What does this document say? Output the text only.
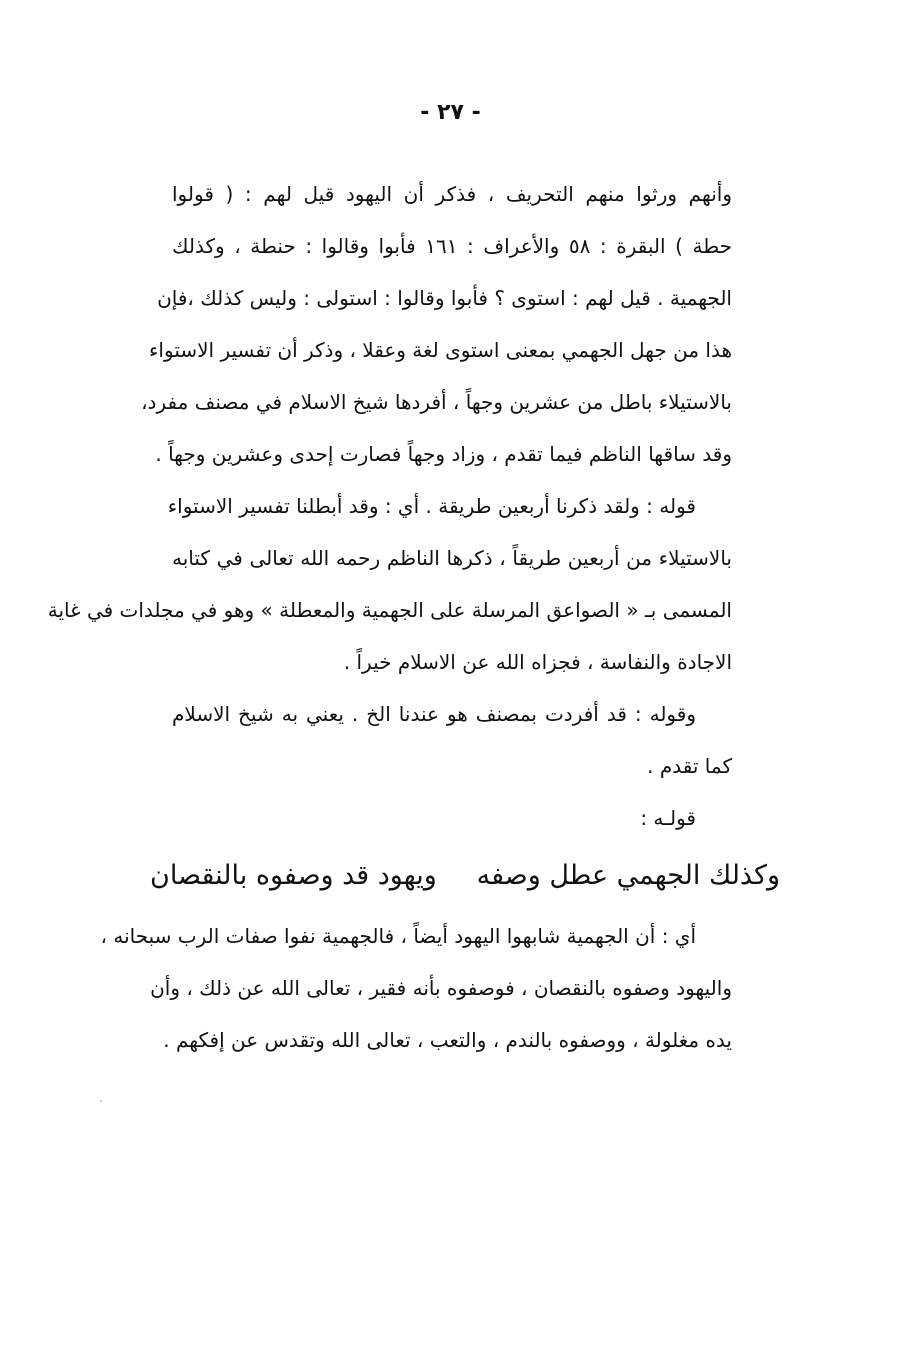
- ٢٧ -
وأنهم ورثوا منهم التحريف ، فذكر أن اليهود قيل لهم : ( قولوا
حطة ) البقرة : ٥٨ والأعراف : ١٦١ فأبوا وقالوا : حنطة ، وكذلك
الجهمية . قيل لهم : استوى ؟ فأبوا وقالوا : استولى : وليس كذلك ،فإن
هذا من جهل الجهمي بمعنى استوى لغة وعقلا ، وذكر أن تفسير الاستواء
بالاستيلاء باطل من عشرين وجهاً ، أفردها شيخ الاسلام في مصنف مفرد،
وقد ساقها الناظم فيما تقدم ، وزاد وجهاً فصارت إحدى وعشرين وجهاً .
قوله : ولقد ذكرنا أربعين طريقة . أي : وقد أبطلنا تفسير الاستواء
بالاستيلاء من أربعين طريقاً ، ذكرها الناظم رحمه الله تعالى في كتابه
المسمى بـ « الصواعق المرسلة على الجهمية والمعطلة » وهو في مجلدات في غاية
الاجادة والنفاسة ، فجزاه الله عن الاسلام خيراً .
وقوله : قد أفردت بمصنف هو عندنا الخ . يعني به شيخ الاسلام
كما تقدم .
قولـه :
وكذلك الجهمي عطل وصفه
ويهود قد وصفوه بالنقصان
أي : أن الجهمية شابهوا اليهود أيضاً ، فالجهمية نفوا صفات الرب سبحانه ،
واليهود وصفوه بالنقصان ، فوصفوه بأنه فقير ، تعالى الله عن ذلك ، وأن
يده مغلولة ، ووصفوه بالندم ، والتعب ، تعالى الله وتقدس عن إفكهم .
